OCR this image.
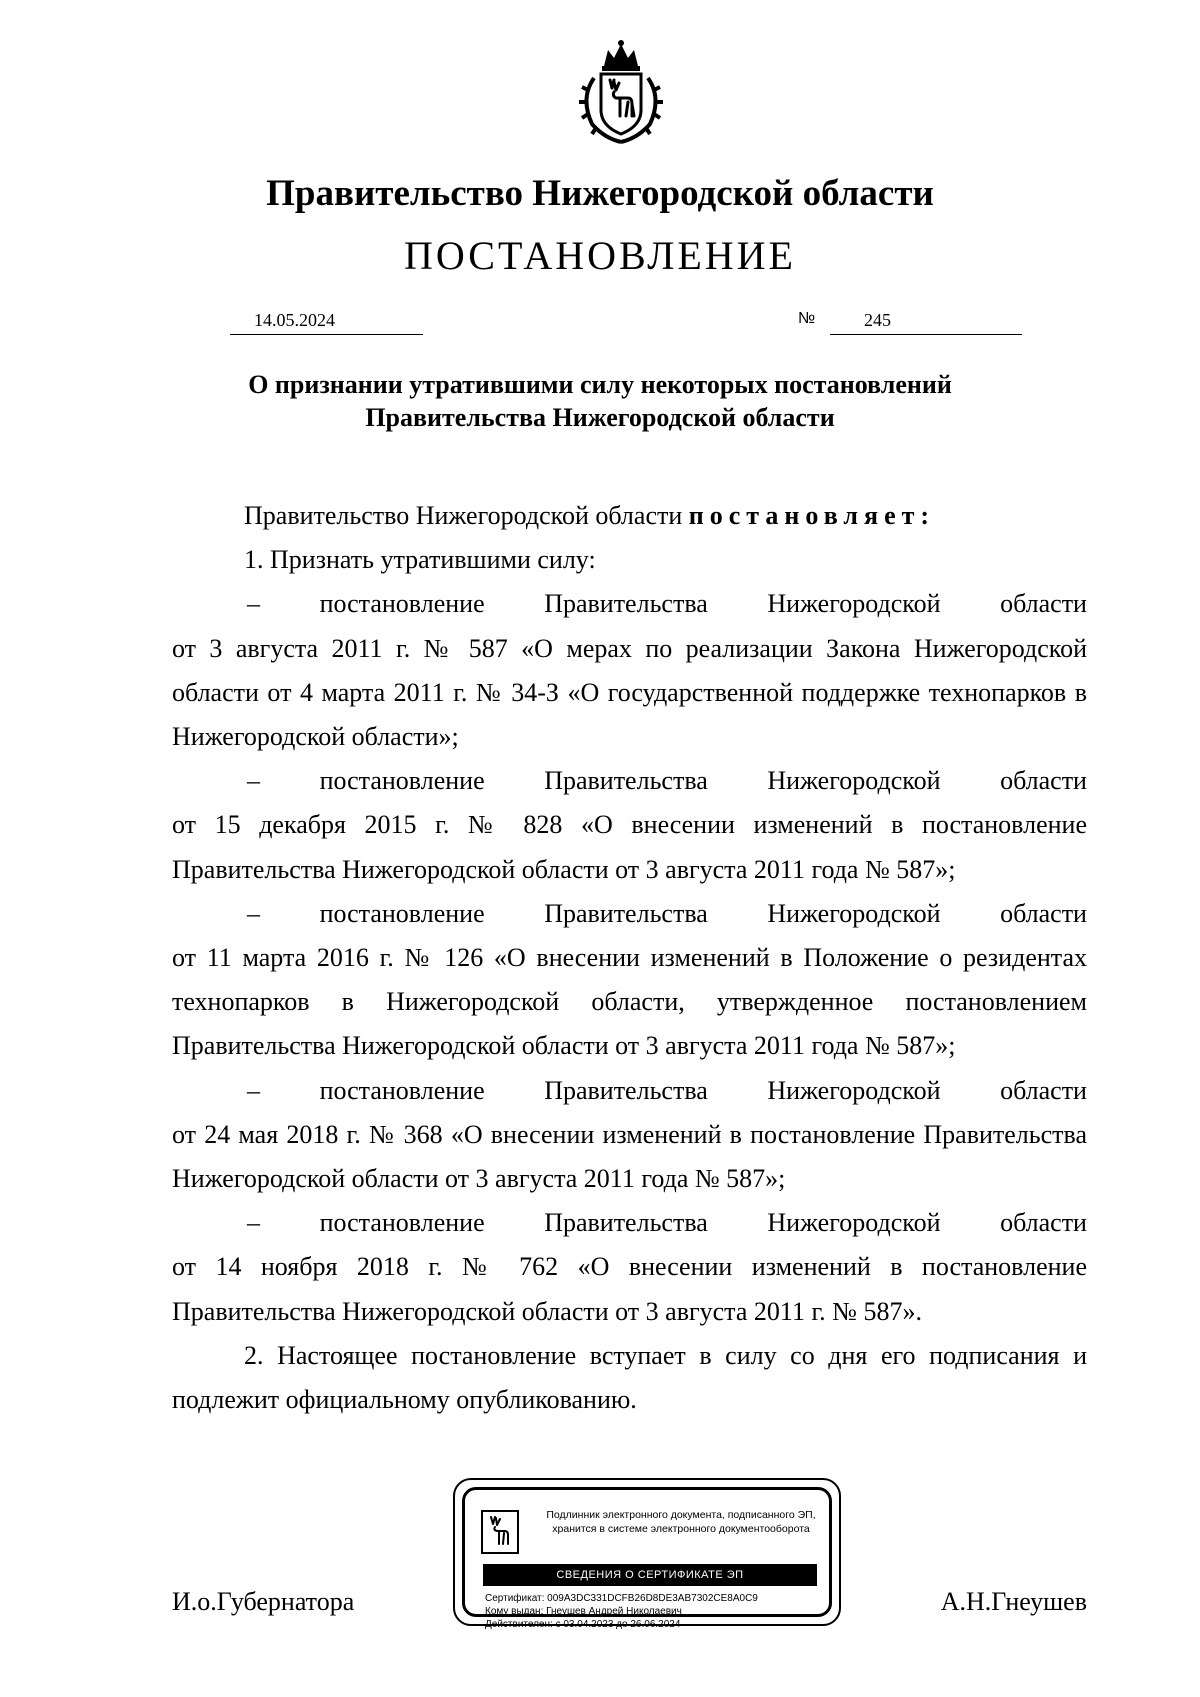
Правительство Нижегородской области
ПОСТАНОВЛЕНИЕ
14.05.2024	№	245
О признании утратившими силу некоторых постановлений
Правительства Нижегородской области

Правительство Нижегородской области постановляет:

1. Признать утратившими силу:

– постановление Правительства Нижегородской области
от 3 августа 2011 г. № 587 «О мерах по реализации Закона Нижегородской области от 4 марта 2011 г. № 34-З «О государственной поддержке технопарков в Нижегородской области»;
– постановление Правительства Нижегородской области
от 15 декабря 2015 г. № 828 «О внесении изменений в постановление Правительства Нижегородской области от 3 августа 2011 года № 587»;
– постановление Правительства Нижегородской области
от 11 марта 2016 г. № 126 «О внесении изменений в Положение о резидентах технопарков в Нижегородской области, утвержденное постановлением Правительства Нижегородской области от 3 августа 2011 года № 587»;
– постановление Правительства Нижегородской области
от 24 мая 2018 г. № 368 «О внесении изменений в постановление Правительства Нижегородской области от 3 августа 2011 года № 587»;
– постановление Правительства Нижегородской области
от 14 ноября 2018 г. № 762 «О внесении изменений в постановление Правительства Нижегородской области от 3 августа 2011 г. № 587».

2. Настоящее постановление вступает в силу со дня его подписания и подлежит официальному опубликованию.

И.о.Губернатора	А.Н.Гнеушев
Подлинник электронного документа, подписанного ЭП,
хранится в системе электронного документооборота
СВЕДЕНИЯ О СЕРТИФИКАТЕ ЭП
Сертификат: 009A3DC331DCFB26D8DE3AB7302CE8A0C9
Кому выдан: Гнеушев Андрей Николаевич
Действителен: с 03.04.2023 до 26.06.2024
